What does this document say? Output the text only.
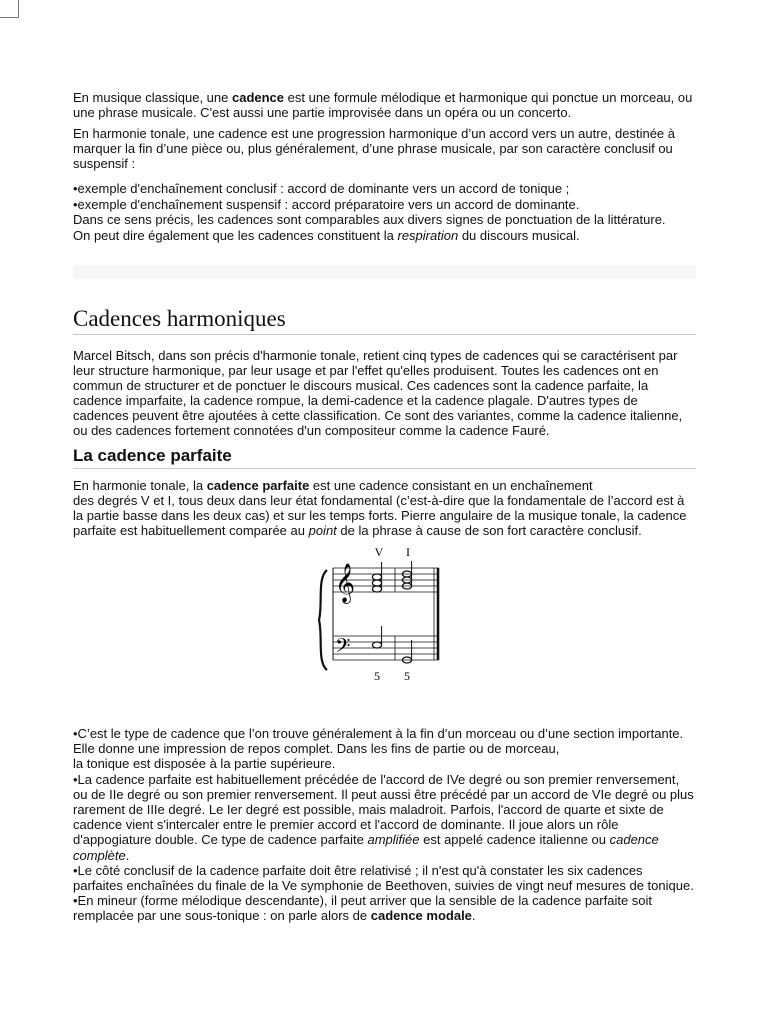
En musique classique, une cadence est une formule mélodique et harmonique qui ponctue un morceau, ou une phrase musicale. C'est aussi une partie improvisée dans un opéra ou un concerto.

En harmonie tonale, une cadence est une progression harmonique d’un accord vers un autre, destinée à marquer la fin d’une pièce ou, plus généralement, d’une phrase musicale, par son caractère conclusif ou suspensif :

•exemple d'enchaînement conclusif : accord de dominante vers un accord de tonique ;

•exemple d'enchaînement suspensif : accord préparatoire vers un accord de dominante.

Dans ce sens précis, les cadences sont comparables aux divers signes de ponctuation de la littérature.

On peut dire également que les cadences constituent la respiration du discours musical.

Cadences harmoniques

Marcel Bitsch, dans son précis d'harmonie tonale, retient cinq types de cadences qui se caractérisent par leur structure harmonique, par leur usage et par l'effet qu'elles produisent. Toutes les cadences ont en commun de structurer et de ponctuer le discours musical. Ces cadences sont la cadence parfaite, la cadence imparfaite, la cadence rompue, la demi-cadence et la cadence plagale. D'autres types de cadences peuvent être ajoutées à cette classification. Ce sont des variantes, comme la cadence italienne, ou des cadences fortement connotées d'un compositeur comme la cadence Fauré.

La cadence parfaite

En harmonie tonale, la cadence parfaite est une cadence consistant en un enchaînement

des degrés V et I, tous deux dans leur état fondamental (c’est-à-dire que la fondamentale de l’accord est à la partie basse dans les deux cas) et sur les temps forts. Pierre angulaire de la musique tonale, la cadence parfaite est habituellement comparée au point de la phrase à cause de son fort caractère conclusif.

V I
𝄞
𝄢
5 5

•C’est le type de cadence que l’on trouve généralement à la fin d’un morceau ou d’une section importante. Elle donne une impression de repos complet. Dans les fins de partie ou de morceau,

la tonique est disposée à la partie supérieure.

•La cadence parfaite est habituellement précédée de l'accord de IVe degré ou son premier renversement, ou de IIe degré ou son premier renversement. Il peut aussi être précédé par un accord de VIe degré ou plus rarement de IIIe degré. Le Ier degré est possible, mais maladroit. Parfois, l'accord de quarte et sixte de cadence vient s'intercaler entre le premier accord et l'accord de dominante. Il joue alors un rôle d'appogiature double. Ce type de cadence parfaite amplifiée est appelé cadence italienne ou cadence complète.

•Le côté conclusif de la cadence parfaite doit être relativisé ; il n'est qu'à constater les six cadences parfaites enchaînées du finale de la Ve symphonie de Beethoven, suivies de vingt neuf mesures de tonique.

•En mineur (forme mélodique descendante), il peut arriver que la sensible de la cadence parfaite soit remplacée par une sous-tonique : on parle alors de cadence modale.
